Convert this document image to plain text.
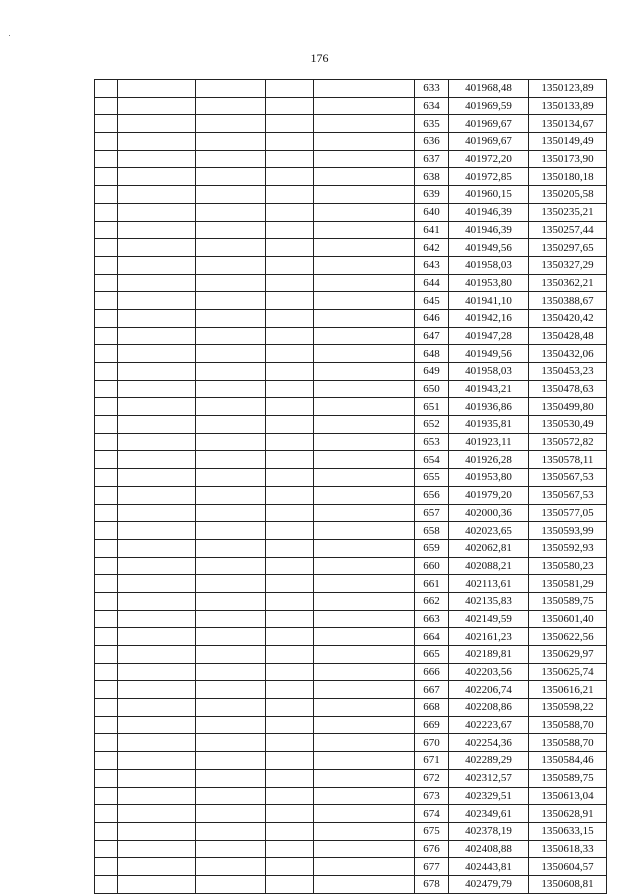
176
					633	401968,48	1350123,89
					634	401969,59	1350133,89
					635	401969,67	1350134,67
					636	401969,67	1350149,49
					637	401972,20	1350173,90
					638	401972,85	1350180,18
					639	401960,15	1350205,58
					640	401946,39	1350235,21
					641	401946,39	1350257,44
					642	401949,56	1350297,65
					643	401958,03	1350327,29
					644	401953,80	1350362,21
					645	401941,10	1350388,67
					646	401942,16	1350420,42
					647	401947,28	1350428,48
					648	401949,56	1350432,06
					649	401958,03	1350453,23
					650	401943,21	1350478,63
					651	401936,86	1350499,80
					652	401935,81	1350530,49
					653	401923,11	1350572,82
					654	401926,28	1350578,11
					655	401953,80	1350567,53
					656	401979,20	1350567,53
					657	402000,36	1350577,05
					658	402023,65	1350593,99
					659	402062,81	1350592,93
					660	402088,21	1350580,23
					661	402113,61	1350581,29
					662	402135,83	1350589,75
					663	402149,59	1350601,40
					664	402161,23	1350622,56
					665	402189,81	1350629,97
					666	402203,56	1350625,74
					667	402206,74	1350616,21
					668	402208,86	1350598,22
					669	402223,67	1350588,70
					670	402254,36	1350588,70
					671	402289,29	1350584,46
					672	402312,57	1350589,75
					673	402329,51	1350613,04
					674	402349,61	1350628,91
					675	402378,19	1350633,15
					676	402408,88	1350618,33
					677	402443,81	1350604,57
					678	402479,79	1350608,81
